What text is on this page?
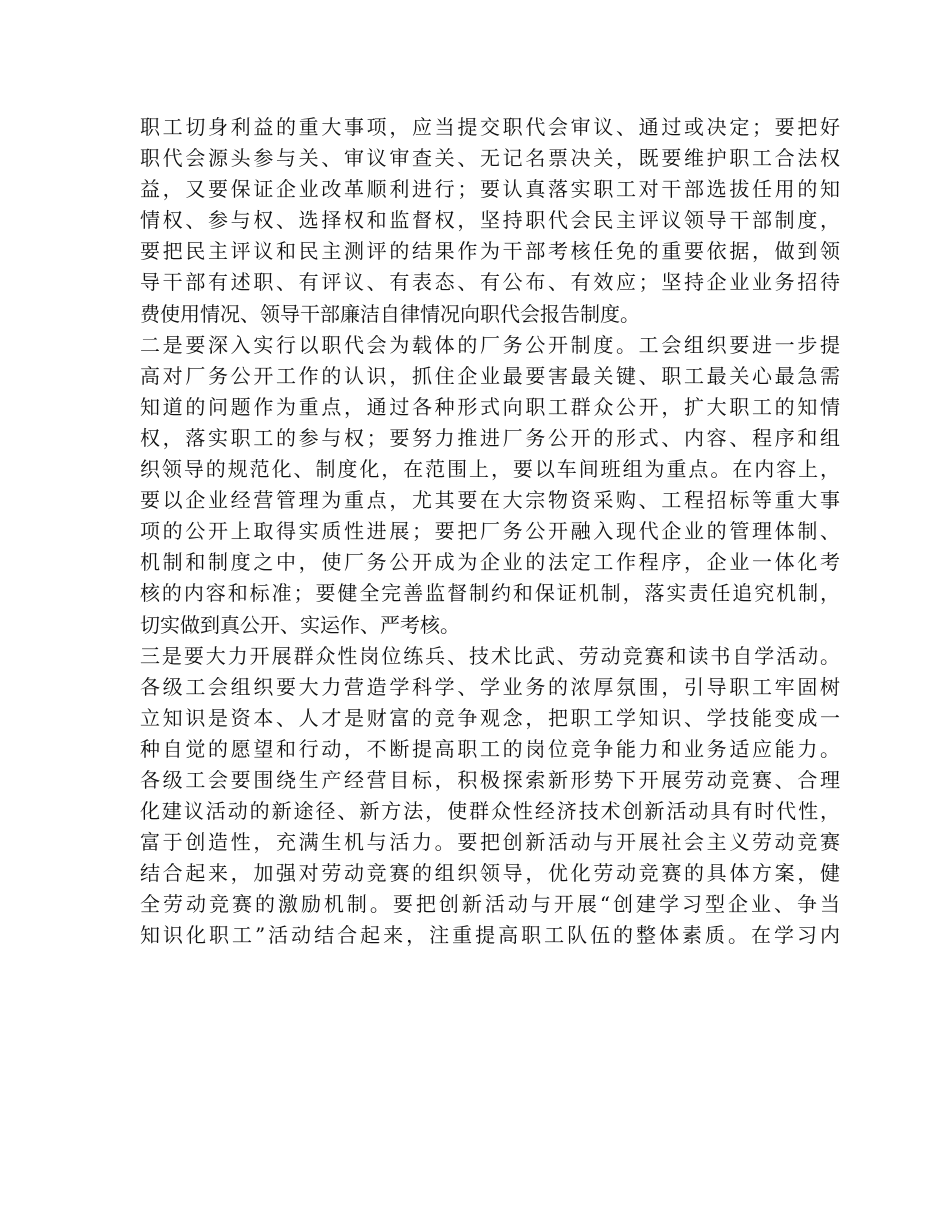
职工切身利益的重大事项，应当提交职代会审议、通过或决定；要把好
职代会源头参与关、审议审查关、无记名票决关，既要维护职工合法权
益，又要保证企业改革顺利进行；要认真落实职工对干部选拔任用的知
情权、参与权、选择权和监督权，坚持职代会民主评议领导干部制度，
要把民主评议和民主测评的结果作为干部考核任免的重要依据，做到领
导干部有述职、有评议、有表态、有公布、有效应；坚持企业业务招待
费使用情况、领导干部廉洁自律情况向职代会报告制度。
二是要深入实行以职代会为载体的厂务公开制度。工会组织要进一步提
高对厂务公开工作的认识，抓住企业最要害最关键、职工最关心最急需
知道的问题作为重点，通过各种形式向职工群众公开，扩大职工的知情
权，落实职工的参与权；要努力推进厂务公开的形式、内容、程序和组
织领导的规范化、制度化，在范围上，要以车间班组为重点。在内容上，
要以企业经营管理为重点，尤其要在大宗物资采购、工程招标等重大事
项的公开上取得实质性进展；要把厂务公开融入现代企业的管理体制、
机制和制度之中，使厂务公开成为企业的法定工作程序，企业一体化考
核的内容和标准；要健全完善监督制约和保证机制，落实责任追究机制，
切实做到真公开、实运作、严考核。
三是要大力开展群众性岗位练兵、技术比武、劳动竞赛和读书自学活动。
各级工会组织要大力营造学科学、学业务的浓厚氛围，引导职工牢固树
立知识是资本、人才是财富的竞争观念，把职工学知识、学技能变成一
种自觉的愿望和行动，不断提高职工的岗位竞争能力和业务适应能力。
各级工会要围绕生产经营目标，积极探索新形势下开展劳动竞赛、合理
化建议活动的新途径、新方法，使群众性经济技术创新活动具有时代性，
富于创造性，充满生机与活力。要把创新活动与开展社会主义劳动竞赛
结合起来，加强对劳动竞赛的组织领导，优化劳动竞赛的具体方案，健
全劳动竞赛的激励机制。要把创新活动与开展“创建学习型企业、争当
知识化职工”活动结合起来，注重提高职工队伍的整体素质。在学习内
